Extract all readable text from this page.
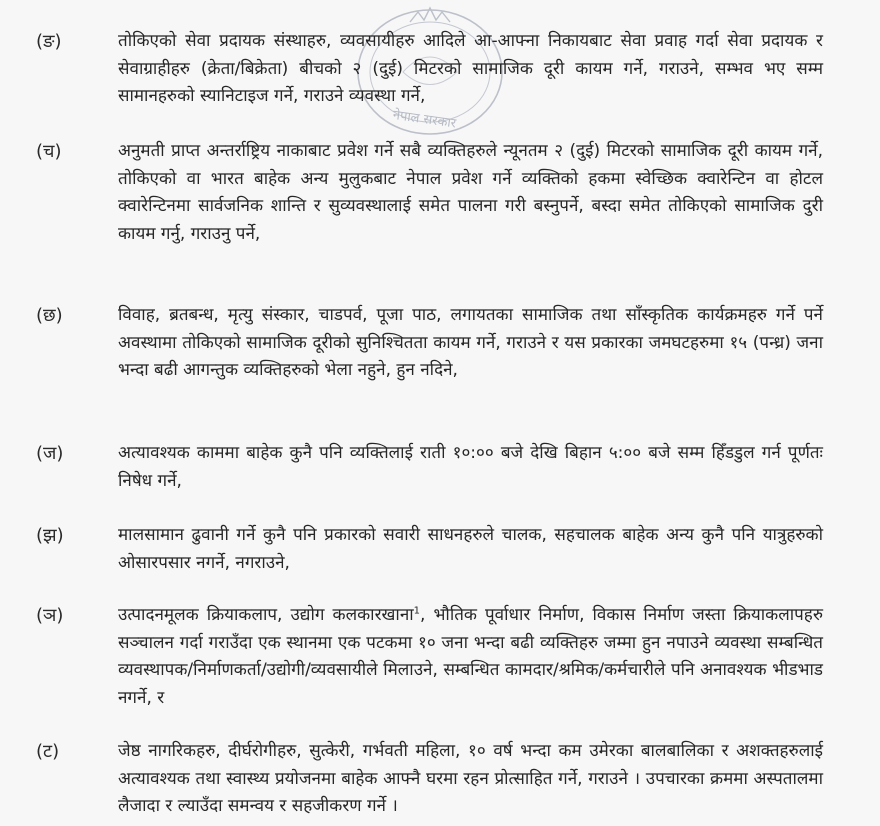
नेपाल सरकार
(ङ)	तोकिएको सेवा प्रदायक संस्थाहरु, व्यवसायीहरु आदिले आ-आफ्ना निकायबाट सेवा प्रवाह गर्दा सेवा प्रदायक र सेवाग्राहीहरु (क्रेता/बिक्रेता) बीचको २ (दुई) मिटरको सामाजिक दूरी कायम गर्ने, गराउने, सम्भव भए सम्म सामानहरुको स्यानिटाइज गर्ने, गराउने व्यवस्था गर्ने,
(च)	अनुमती प्राप्त अन्तर्राष्ट्रिय नाकाबाट प्रवेश गर्ने सबै व्यक्तिहरुले न्यूनतम २ (दुई) मिटरको सामाजिक दूरी कायम गर्ने, तोकिएको वा भारत बाहेक अन्य मुलुकबाट नेपाल प्रवेश गर्ने व्यक्तिको हकमा स्वेच्छिक क्वारेन्टिन वा होटल क्वारेन्टिनमा सार्वजनिक शान्ति र सुव्यवस्थालाई समेत पालना गरी बस्नुपर्ने, बस्दा समेत तोकिएको सामाजिक दुरी कायम गर्नु, गराउनु पर्ने,
(छ)	विवाह, ब्रतबन्ध, मृत्यु संस्कार, चाडपर्व, पूजा पाठ, लगायतका सामाजिक तथा साँस्कृतिक कार्यक्रमहरु गर्ने पर्ने अवस्थामा तोकिएको सामाजिक दूरीको सुनिश्चितता कायम गर्ने, गराउने र यस प्रकारका जमघटहरुमा १५ (पन्ध्र) जना भन्दा बढी आगन्तुक व्यक्तिहरुको भेला नहुने, हुन नदिने,
(ज)	अत्यावश्यक काममा बाहेक कुनै पनि व्यक्तिलाई राती १०:०० बजे देखि बिहान ५:०० बजे सम्म हिँडडुल गर्न पूर्णतः निषेध गर्ने,
(झ)	मालसामान ढुवानी गर्ने कुनै पनि प्रकारको सवारी साधनहरुले चालक, सहचालक बाहेक अन्य कुनै पनि यात्रुहरुको ओसारपसार नगर्ने, नगराउने,
(ञ)	उत्पादनमूलक क्रियाकलाप, उद्योग कलकारखाना$^1$, भौतिक पूर्वाधार निर्माण, विकास निर्माण जस्ता क्रियाकलापहरु सञ्चालन गर्दा गराउँदा एक स्थानमा एक पटकमा १० जना भन्दा बढी व्यक्तिहरु जम्मा हुन नपाउने व्यवस्था सम्बन्धित व्यवस्थापक/निर्माणकर्ता/उद्योगी/व्यवसायीले मिलाउने, सम्बन्धित कामदार/श्रमिक/कर्मचारीले पनि अनावश्यक भीडभाड नगर्ने, र
(ट)	जेष्ठ नागरिकहरु, दीर्घरोगीहरु, सुत्केरी, गर्भवती महिला, १० वर्ष भन्दा कम उमेरका बालबालिका र अशक्तहरुलाई अत्यावश्यक तथा स्वास्थ्य प्रयोजनमा बाहेक आफ्नै घरमा रहन प्रोत्साहित गर्ने, गराउने । उपचारका क्रममा अस्पतालमा लैजादा र ल्याउँदा समन्वय र सहजीकरण गर्ने ।
